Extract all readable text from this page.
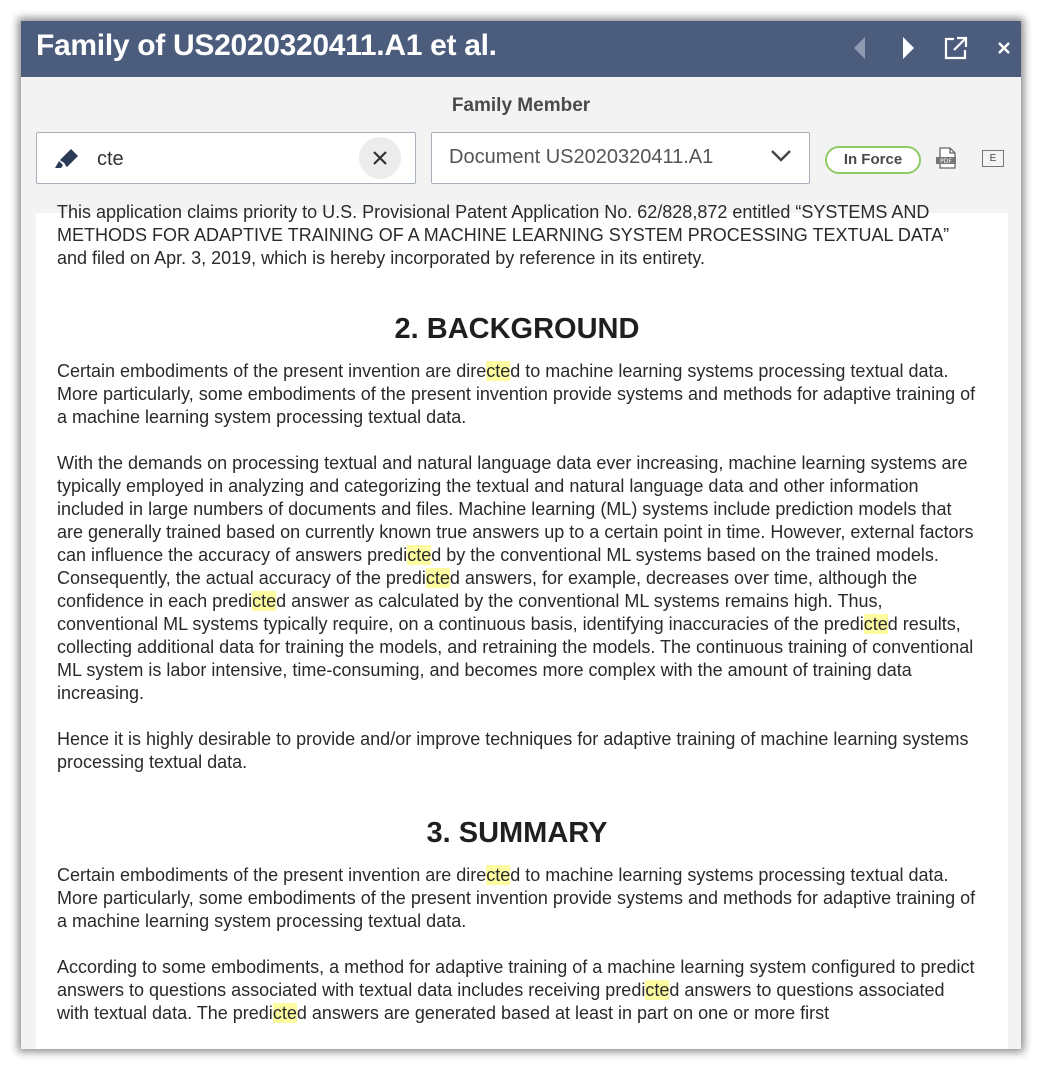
Family of US2020320411.A1 et al.
Family Member
cte
Document US2020320411.A1	In Force	PDF	E

This application claims priority to U.S. Provisional Patent Application No. 62/828,872 entitled “SYSTEMS AND METHODS FOR ADAPTIVE TRAINING OF A MACHINE LEARNING SYSTEM PROCESSING TEXTUAL DATA” and filed on Apr. 3, 2019, which is hereby incorporated by reference in its entirety.

2. BACKGROUND

Certain embodiments of the present invention are directed to machine learning systems processing textual data. More particularly, some embodiments of the present invention provide systems and methods for adaptive training of a machine learning system processing textual data.

With the demands on processing textual and natural language data ever increasing, machine learning systems are typically employed in analyzing and categorizing the textual and natural language data and other information included in large numbers of documents and files. Machine learning (ML) systems include prediction models that are generally trained based on currently known true answers up to a certain point in time. However, external factors can influence the accuracy of answers predicted by the conventional ML systems based on the trained models. Consequently, the actual accuracy of the predicted answers, for example, decreases over time, although the confidence in each predicted answer as calculated by the conventional ML systems remains high. Thus, conventional ML systems typically require, on a continuous basis, identifying inaccuracies of the predicted results, collecting additional data for training the models, and retraining the models. The continuous training of conventional ML system is labor intensive, time-consuming, and becomes more complex with the amount of training data increasing.

Hence it is highly desirable to provide and/or improve techniques for adaptive training of machine learning systems processing textual data.

3. SUMMARY

Certain embodiments of the present invention are directed to machine learning systems processing textual data. More particularly, some embodiments of the present invention provide systems and methods for adaptive training of a machine learning system processing textual data.

According to some embodiments, a method for adaptive training of a machine learning system configured to predict answers to questions associated with textual data includes receiving predicted answers to questions associated with textual data. The predicted answers are generated based at least in part on one or more first
